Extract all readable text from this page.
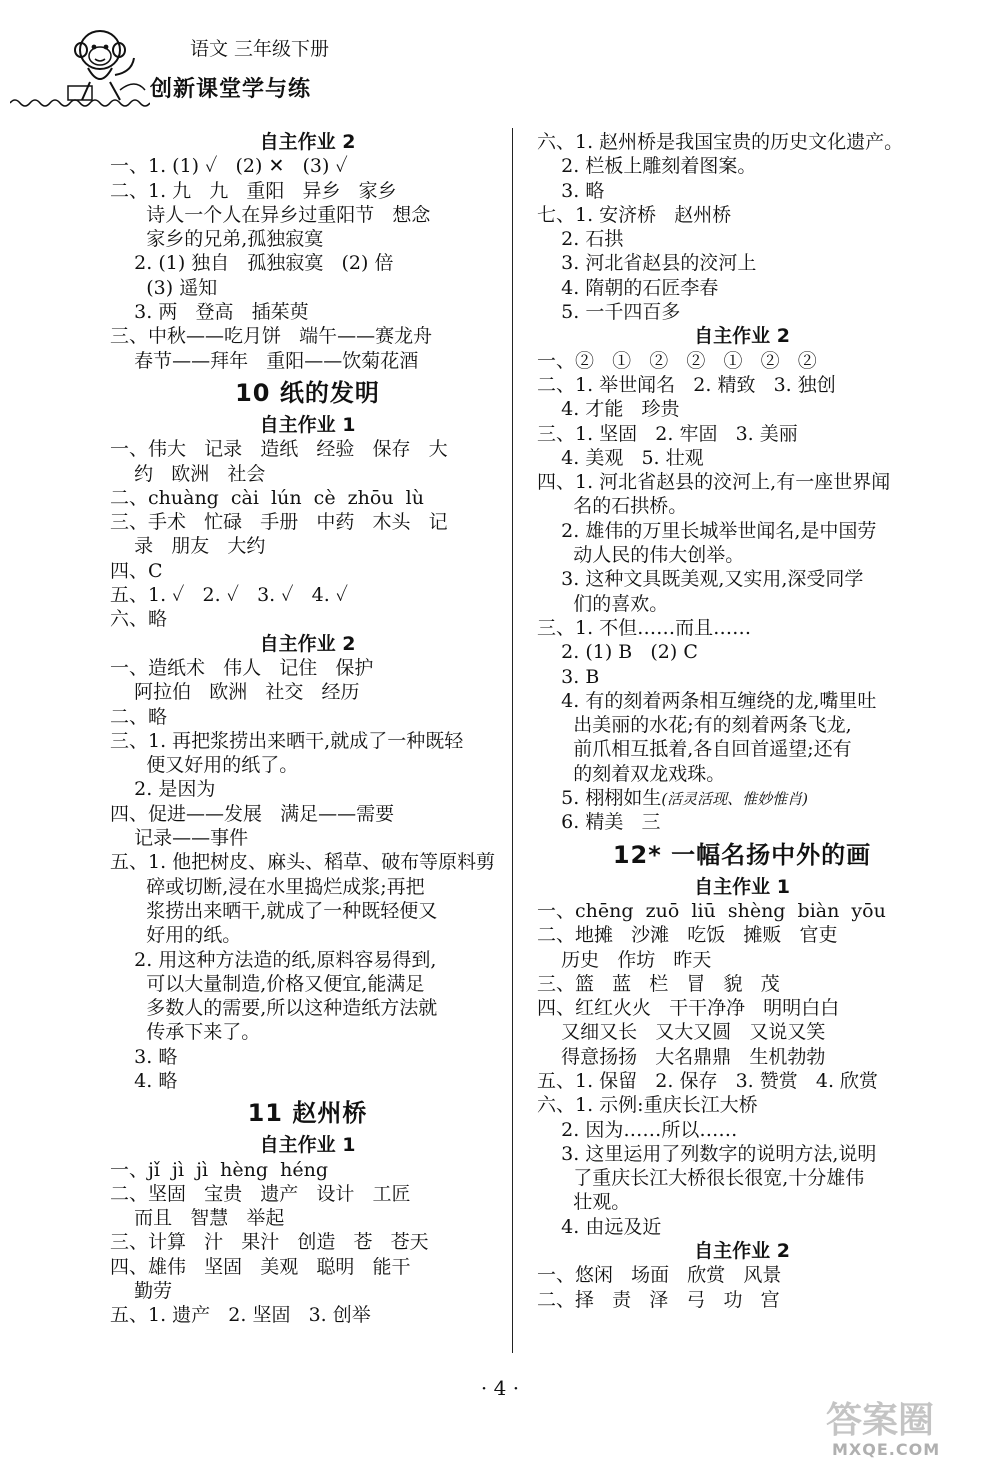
语文 三年级下册
创新课堂学与练
自主作业 2
一、1. (1) ✓   (2) ✕   (3) ✓
二、1. 九   九   重阳   异乡   家乡
诗人一个人在异乡过重阳节   想念
家乡的兄弟,孤独寂寞
2. (1) 独自   孤独寂寞   (2) 倍
(3) 遥知
3. 两   登高   插茱萸
三、中秋——吃月饼   端午——赛龙舟
春节——拜年   重阳——饮菊花酒
10 纸的发明
自主作业 1
一、伟大   记录   造纸   经验   保存   大
约   欧洲   社会
二、chuàng  cài  lún  cè  zhōu  lù
三、手术   忙碌   手册   中药   木头   记
录   朋友   大约
四、C
五、1. ✓   2. ✓   3. ✓   4. ✓
六、略
自主作业 2
一、造纸术   伟人   记住   保护
阿拉伯   欧洲   社交   经历
二、略
三、1. 再把浆捞出来晒干,就成了一种既轻
便又好用的纸了。
2. 是因为
四、促进——发展   满足——需要
记录——事件
五、1. 他把树皮、麻头、稻草、破布等原料剪
碎或切断,浸在水里捣烂成浆;再把
浆捞出来晒干,就成了一种既轻便又
好用的纸。
2. 用这种方法造的纸,原料容易得到,
可以大量制造,价格又便宜,能满足
多数人的需要,所以这种造纸方法就
传承下来了。
3. 略
4. 略
11 赵州桥
自主作业 1
一、jǐ  jì  jì  hèng  héng
二、坚固   宝贵   遗产   设计   工匠
而且   智慧   举起
三、计算   汁   果汁   创造   苍   苍天
四、雄伟   坚固   美观   聪明   能干
勤劳
五、1. 遗产   2. 坚固   3. 创举
六、1. 赵州桥是我国宝贵的历史文化遗产。
2. 栏板上雕刻着图案。
3. 略
七、1. 安济桥   赵州桥
2. 石拱
3. 河北省赵县的洨河上
4. 隋朝的石匠李春
5. 一千四百多
自主作业 2
一、②   ①   ②   ②   ①   ②   ②
二、1. 举世闻名   2. 精致   3. 独创
4. 才能   珍贵
三、1. 坚固   2. 牢固   3. 美丽
4. 美观   5. 壮观
四、1. 河北省赵县的洨河上,有一座世界闻
名的石拱桥。
2. 雄伟的万里长城举世闻名,是中国劳
动人民的伟大创举。
3. 这种文具既美观,又实用,深受同学
们的喜欢。
三、1. 不但……而且……
2. (1) B   (2) C
3. B
4. 有的刻着两条相互缠绕的龙,嘴里吐
出美丽的水花;有的刻着两条飞龙,
前爪相互抵着,各自回首遥望;还有
的刻着双龙戏珠。
5. 栩栩如生(活灵活现、惟妙惟肖)
6. 精美   三
12* 一幅名扬中外的画
自主作业 1
一、chēng  zuō  liū  shèng  biàn  yōu
二、地摊   沙滩   吃饭   摊贩   官吏
历史   作坊   昨天
三、篮   蓝   栏   冒   貌   茂
四、红红火火   干干净净   明明白白
又细又长   又大又圆   又说又笑
得意扬扬   大名鼎鼎   生机勃勃
五、1. 保留   2. 保存   3. 赞赏   4. 欣赏
六、1. 示例:重庆长江大桥
2. 因为……所以……
3. 这里运用了列数字的说明方法,说明
了重庆长江大桥很长很宽,十分雄伟
壮观。
4. 由远及近
自主作业 2
一、悠闲   场面   欣赏   风景
二、择   责   泽   弓   功   宫
· 4 ·
答案圈
MXQE.COM
